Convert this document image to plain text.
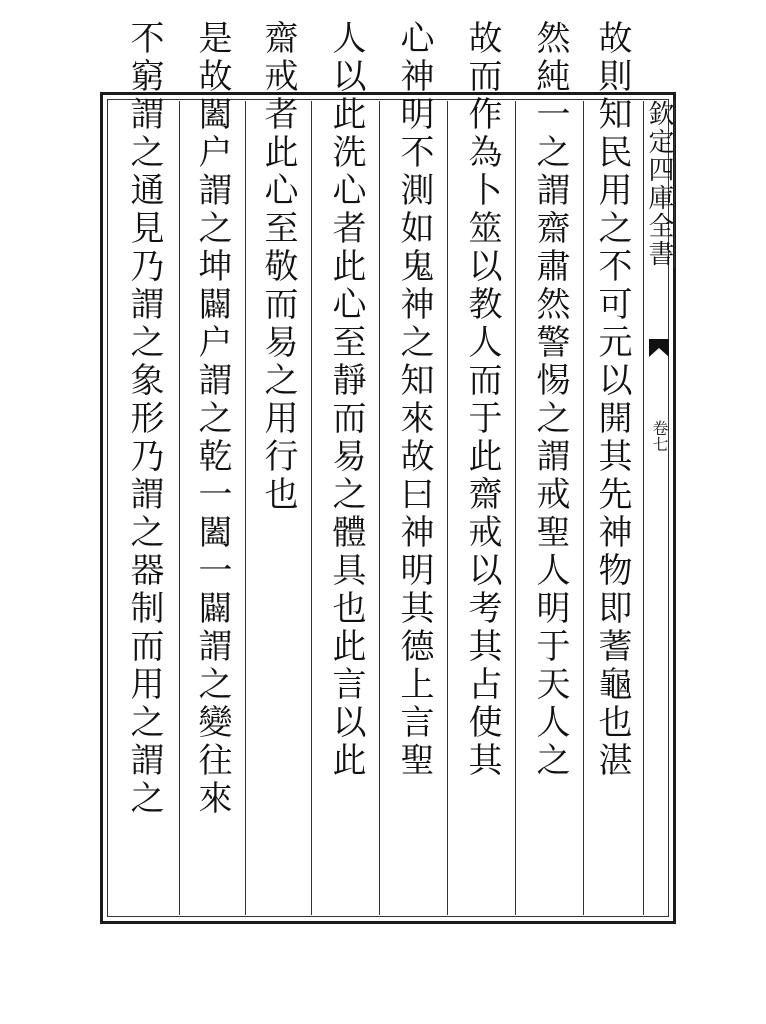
欽定四庫全書
卷七
故則知民用之不可元以開其先神物即蓍龜也湛
然純一之謂齋肅然警惕之謂戒聖人明于天人之
故而作為卜筮以教人而于此齋戒以考其占使其
心神明不測如鬼神之知來故曰神明其德上言聖
人以此洗心者此心至靜而易之體具也此言以此
齋戒者此心至敬而易之用行也
是故闔户謂之坤闢户謂之乾一闔一闢謂之變往來
不窮謂之通見乃謂之象形乃謂之器制而用之謂之
